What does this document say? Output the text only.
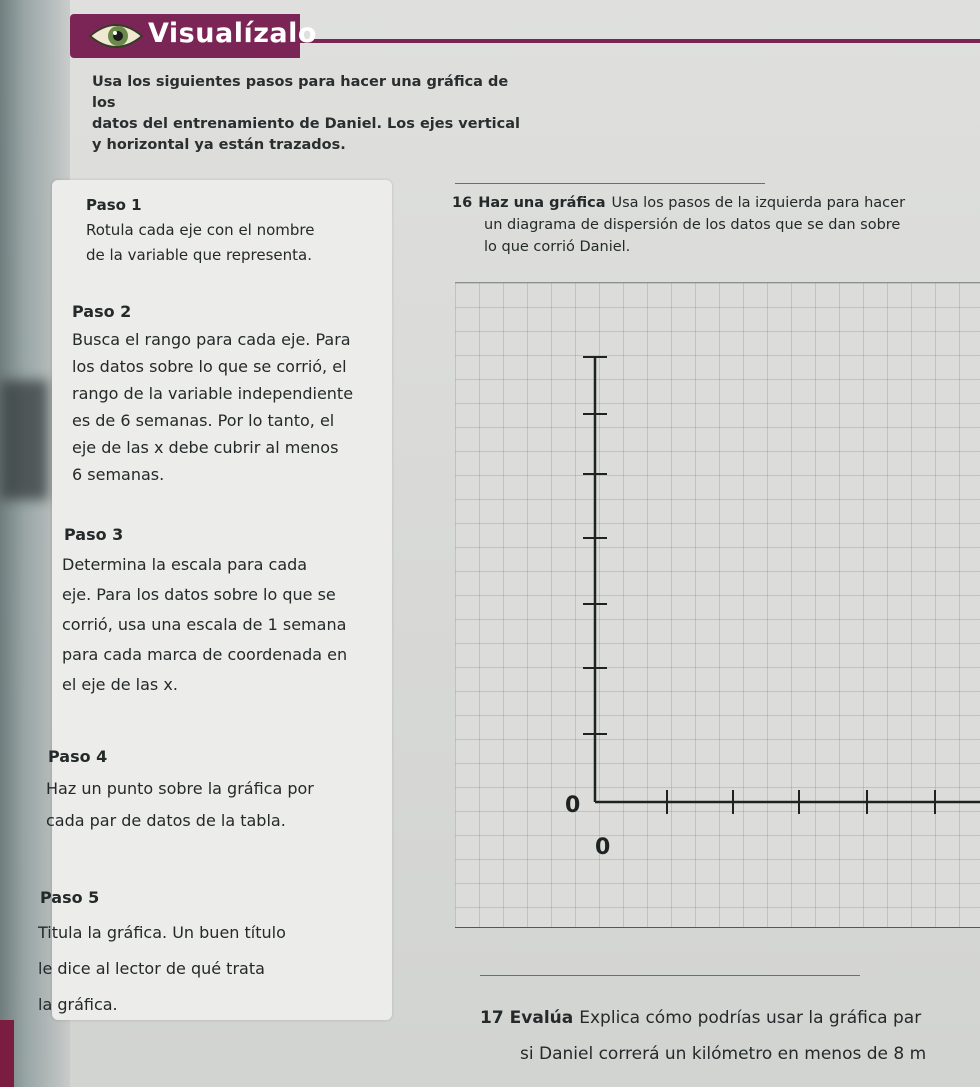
Visualízalo
Usa los siguientes pasos para hacer una gráfica de los
datos del entrenamiento de Daniel. Los ejes vertical
y horizontal ya están trazados.
Paso 1
Rotula cada eje con el nombre
de la variable que representa.
Paso 2
Busca el rango para cada eje. Para
los datos sobre lo que se corrió, el
rango de la variable independiente
es de 6 semanas. Por lo tanto, el
eje de las x debe cubrir al menos
6 semanas.
Paso 3
Determina la escala para cada
eje. Para los datos sobre lo que se
corrió, usa una escala de 1 semana
para cada marca de coordenada en
el eje de las x.
Paso 4
Haz un punto sobre la gráfica por
cada par de datos de la tabla.
Paso 5
Titula la gráfica. Un buen título
le dice al lector de qué trata
la gráfica.
16 Haz una gráfica Usa los pasos de la izquierda para hacer
un diagrama de dispersión de los datos que se dan sobre
lo que corrió Daniel.
0
0
17 Evalúa Explica cómo podrías usar la gráfica par
si Daniel correrá un kilómetro en menos de 8 m
